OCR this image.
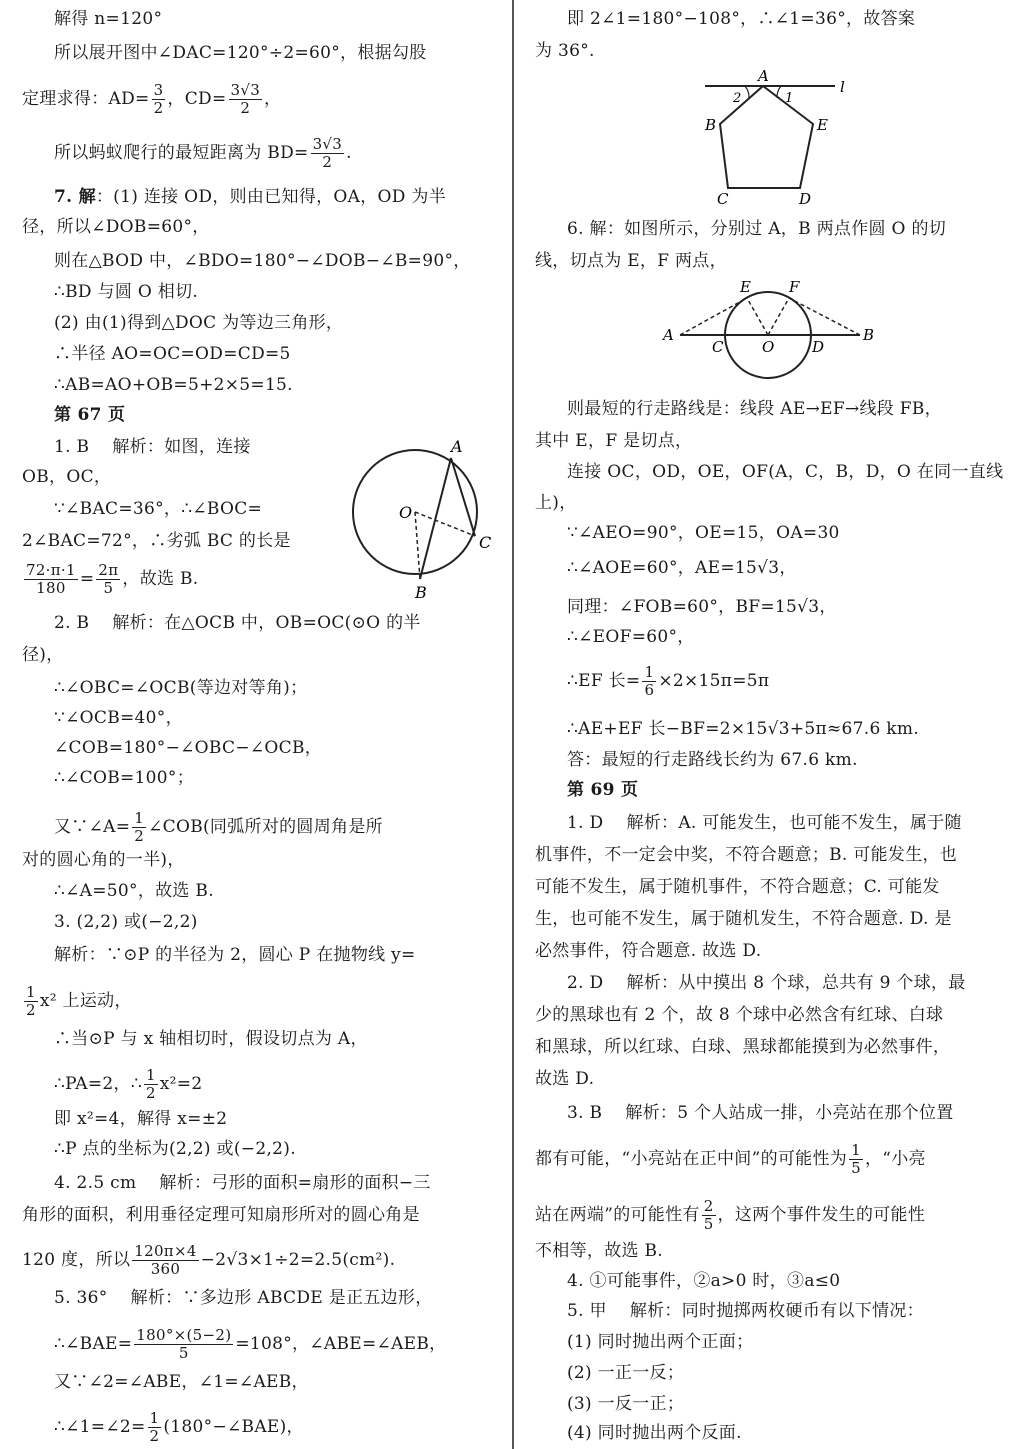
解得 n=120°
所以展开图中∠DAC=120°÷2=60°，根据勾股
定理求得：$AD= \frac{3}{2}$ ，$CD= \frac{3√3}{2}$ ，
所以蚂蚁爬行的最短距离为 $BD= \frac{3√3}{2}$ .
7. 解：(1) 连接 OD，则由已知得，OA，OD 为半
径，所以∠DOB=60°，
则在△BOD 中，∠BDO=180°−∠DOB−∠B=90°，
∴BD 与圆 O 相切.
(2) 由(1)得到△DOC 为等边三角形，
∴半径 AO=OC=OD=CD=5
∴AB=AO+OB=5+2×5=15.
第 67 页
1. B　 解析：如图，连接
OB，OC，
∵∠BAC=36°，∴∠BOC=
2∠BAC=72°，∴劣弧 BC 的长是
$\frac{72\cdot\pi\cdot 1}{180} = \frac{2\pi}{5}$ ，故选 B.
A
O
C
B
2. B　 解析：在△OCB 中，OB=OC(⊙O 的半
径)，
∴∠OBC=∠OCB(等边对等角)；
∵∠OCB=40°，
∠COB=180°−∠OBC−∠OCB，
∴∠COB=100°；
又∵∠A= $\frac{1}{2}$ ∠COB(同弧所对的圆周角是所
对的圆心角的一半)，
∴∠A=50°，故选 B.
3. (2,2) 或(−2,2)
解析：∵⊙P 的半径为 2，圆心 P 在抛物线 y=
$\frac{1}{2} x^2$ 上运动，
∴当⊙P 与 x 轴相切时，假设切点为 A，
∴PA=2，∴ $\frac{1}{2} x^2=2$
即 x²=4，解得 x=±2
∴P 点的坐标为(2,2) 或(−2,2).
4. 2.5 cm　 解析：弓形的面积=扇形的面积−三
角形的面积，利用垂径定理可知扇形所对的圆心角是
120 度，所以 $\frac{120\pi\times 4}{360} -2√3\times 1\div 2=2.5(cm^2)$.
5. 36°　 解析：∵多边形 ABCDE 是正五边形，
∴∠BAE= $\frac{180^\circ\times(5-2)}{5} =108^\circ$，∠ABE=∠AEB，
又∵∠2=∠ABE，∠1=∠AEB，
∴∠1=∠2= $\frac{1}{2}$ (180°−∠BAE)，
即 2∠1=180°−108°，∴∠1=36°，故答案
为 36°.
A
l
2	1
B	E
C	D
6. 解：如图所示，分别过 A，B 两点作圆 O 的切
线，切点为 E，F 两点，
E	F
A
C	O	D
B
则最短的行走路线是：线段 AE→EF→线段 FB，
其中 E，F 是切点，
连接 OC，OD，OE，OF(A，C，B，D，O 在同一直线
上)，
∵∠AEO=90°，OE=15，OA=30
∴∠AOE=60°，AE=15√3，
同理：∠FOB=60°，BF=15√3，
∴∠EOF=60°，
∴EF 长= $\frac{1}{6} \times 2\times 15\pi=5\pi$
∴AE+EF 长−BF=2×15√3+5π≈67.6 km.
答：最短的行走路线长约为 67.6 km.
第 69 页
1. D　 解析：A. 可能发生，也可能不发生，属于随
机事件，不一定会中奖，不符合题意；B. 可能发生，也
可能不发生，属于随机事件，不符合题意；C. 可能发
生，也可能不发生，属于随机发生，不符合题意. D. 是
必然事件，符合题意. 故选 D.
2. D　 解析：从中摸出 8 个球，总共有 9 个球，最
少的黑球也有 2 个，故 8 个球中必然含有红球、白球
和黑球，所以红球、白球、黑球都能摸到为必然事件，
故选 D.
3. B　 解析：5 个人站成一排，小亮站在那个位置
都有可能，“小亮站在正中间”的可能性为 $\frac{1}{5}$ ，“小亮
站在两端”的可能性有 $\frac{2}{5}$ ，这两个事件发生的可能性
不相等，故选 B.
4. ①可能事件，②a>0 时，③a≤0
5. 甲　 解析：同时抛掷两枚硬币有以下情况：
(1) 同时抛出两个正面；
(2) 一正一反；
(3) 一反一正；
(4) 同时抛出两个反面.
